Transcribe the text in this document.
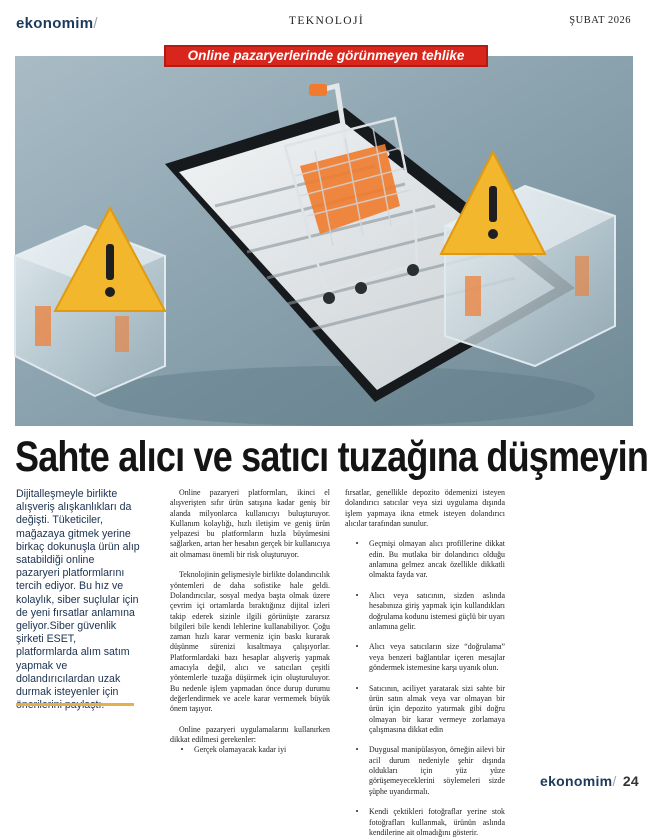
ekonomim/	TEKNOLOJİ	ŞUBAT 2026
Online pazaryerlerinde görünmeyen tehlike
Sahte alıcı ve satıcı tuzağına düşmeyin
Dijitalleşmeyle birlikte alışveriş alışkanlıkları da değişti. Tüketiciler, mağazaya gitmek yerine birkaç dokunuşla ürün alıp satabildiği online pazaryeri platformlarını tercih ediyor. Bu hız ve kolaylık, siber suçlular için de yeni fırsatlar anlamına geliyor.Siber güvenlik şirketi ESET, platformlarda alım satım yapmak ve dolandırıcılardan uzak durmak isteyenler için

Online pazaryeri platformları, ikinci el alışverişten sıfır ürün satışına kadar geniş bir alanda milyonlarca kullanıcıyı buluşturuyor. Kullanım kolaylığı, hızlı iletişim ve geniş ürün yelpazesi bu platformların hızla büyümesini sağlarken, artan her hesabın gerçek bir kullanıcıya ait olmaması önemli bir risk oluşturuyor.

Teknolojinin gelişmesiyle birlikte dolandırıcılık yöntemleri de daha sofistike hale geldi. Dolandırıcılar, sosyal medya başta olmak üzere çevrim içi ortamlarda bıraktığınız dijital izleri takip ederek sizinle ilgili görünüşte zararsız bilgileri bile kendi lehlerine kullanabiliyor. Çoğu zaman hızlı karar vermeniz için baskı kurarak düşünme sürenizi kısaltmaya çalışıyorlar. Platformlardaki bazı hesaplar alışveriş yapmak amacıyla değil, alıcı ve satıcıları çeşitli yöntemlerle tuzağa düşürmek için oluşturuluyor. Bu nedenle işlem yapmadan önce durup durumu değerlendirmek ve acele karar vermemek büyük önem taşıyor.

Online pazaryeri uygulamalarını kullanırken dikkat edilmesi gerekenler:

•	Gerçek olamayacak kadar iyi

fırsatlar, genellikle depozito ödemenizi isteyen dolandırıcı satıcılar veya sizi uygulama dışında işlem yapmaya ikna etmek isteyen dolandırıcı alıcılar tarafından sunulur.

•	Geçmişi olmayan alıcı profillerine dikkat edin. Bu mutlaka bir dolandırıcı olduğu anlamına gelmez ancak özellikle dikkatli olmakta fayda var.
•	Alıcı veya satıcının, sizden aslında hesabınıza giriş yapmak için kullandıkları doğrulama kodunu istemesi güçlü bir uyarı anlamına gelir.
•	Alıcı veya satıcıların size “doğrulama” veya benzeri bağlantılar içeren mesajlar göndermek istemesine karşı uyanık olun.
•	Satıcının, aciliyet yaratarak sizi sahte bir ürün satın almak veya var olmayan bir ürün için depozito yatırmak gibi doğru olmayan bir karar vermeye zorlamaya çalışmasına dikkat edin
•	Duygusal manipülasyon, örneğin ailevi bir acil durum nedeniyle şehir dışında oldukları için yüz yüze görüşemeyeceklerini söylemeleri sizde şüphe uyandırmalı.
•	Kendi çektikleri fotoğraflar yerine stok fotoğrafları kullanmak, ürünün aslında kendilerine ait olmadığını gösterir.
ekonomim/ 24
